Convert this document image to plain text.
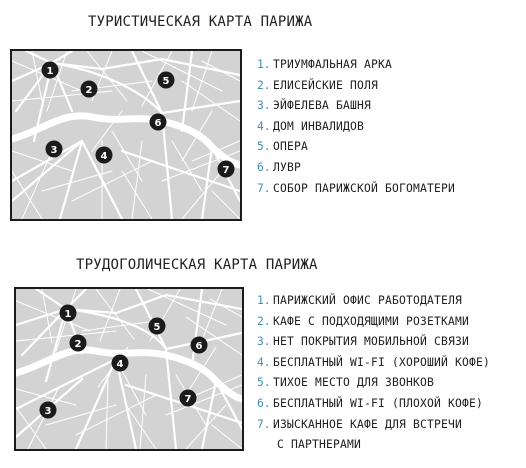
ТУРИСТИЧЕСКАЯ КАРТА ПАРИЖА
1
2
3
4
5
6
7
1. ТРИУМФАЛЬНАЯ АРКА
2. ЕЛИСЕЙСКИЕ ПОЛЯ
3. ЭЙФЕЛЕВА БАШНЯ
4. ДОМ ИНВАЛИДОВ
5. ОПЕРА
6. ЛУВР
7. СОБОР ПАРИЖСКОЙ БОГОМАТЕРИ
ТРУДОГОЛИЧЕСКАЯ КАРТА ПАРИЖА
1
2
3
4
5
6
7
1. ПАРИЖСКИЙ ОФИС РАБОТОДАТЕЛЯ
2. КАФЕ С ПОДХОДЯЩИМИ РОЗЕТКАМИ
3. НЕТ ПОКРЫТИЯ МОБИЛЬНОЙ СВЯЗИ
4. БЕСПЛАТНЫЙ WI-FI (ХОРОШИЙ КОФЕ)
5. ТИХОЕ МЕСТО ДЛЯ ЗВОНКОВ
6. БЕСПЛАТНЫЙ WI-FI (ПЛОХОЙ КОФЕ)
7. ИЗЫСКАННОЕ КАФЕ ДЛЯ ВСТРЕЧИ
С ПАРТНЕРАМИ
